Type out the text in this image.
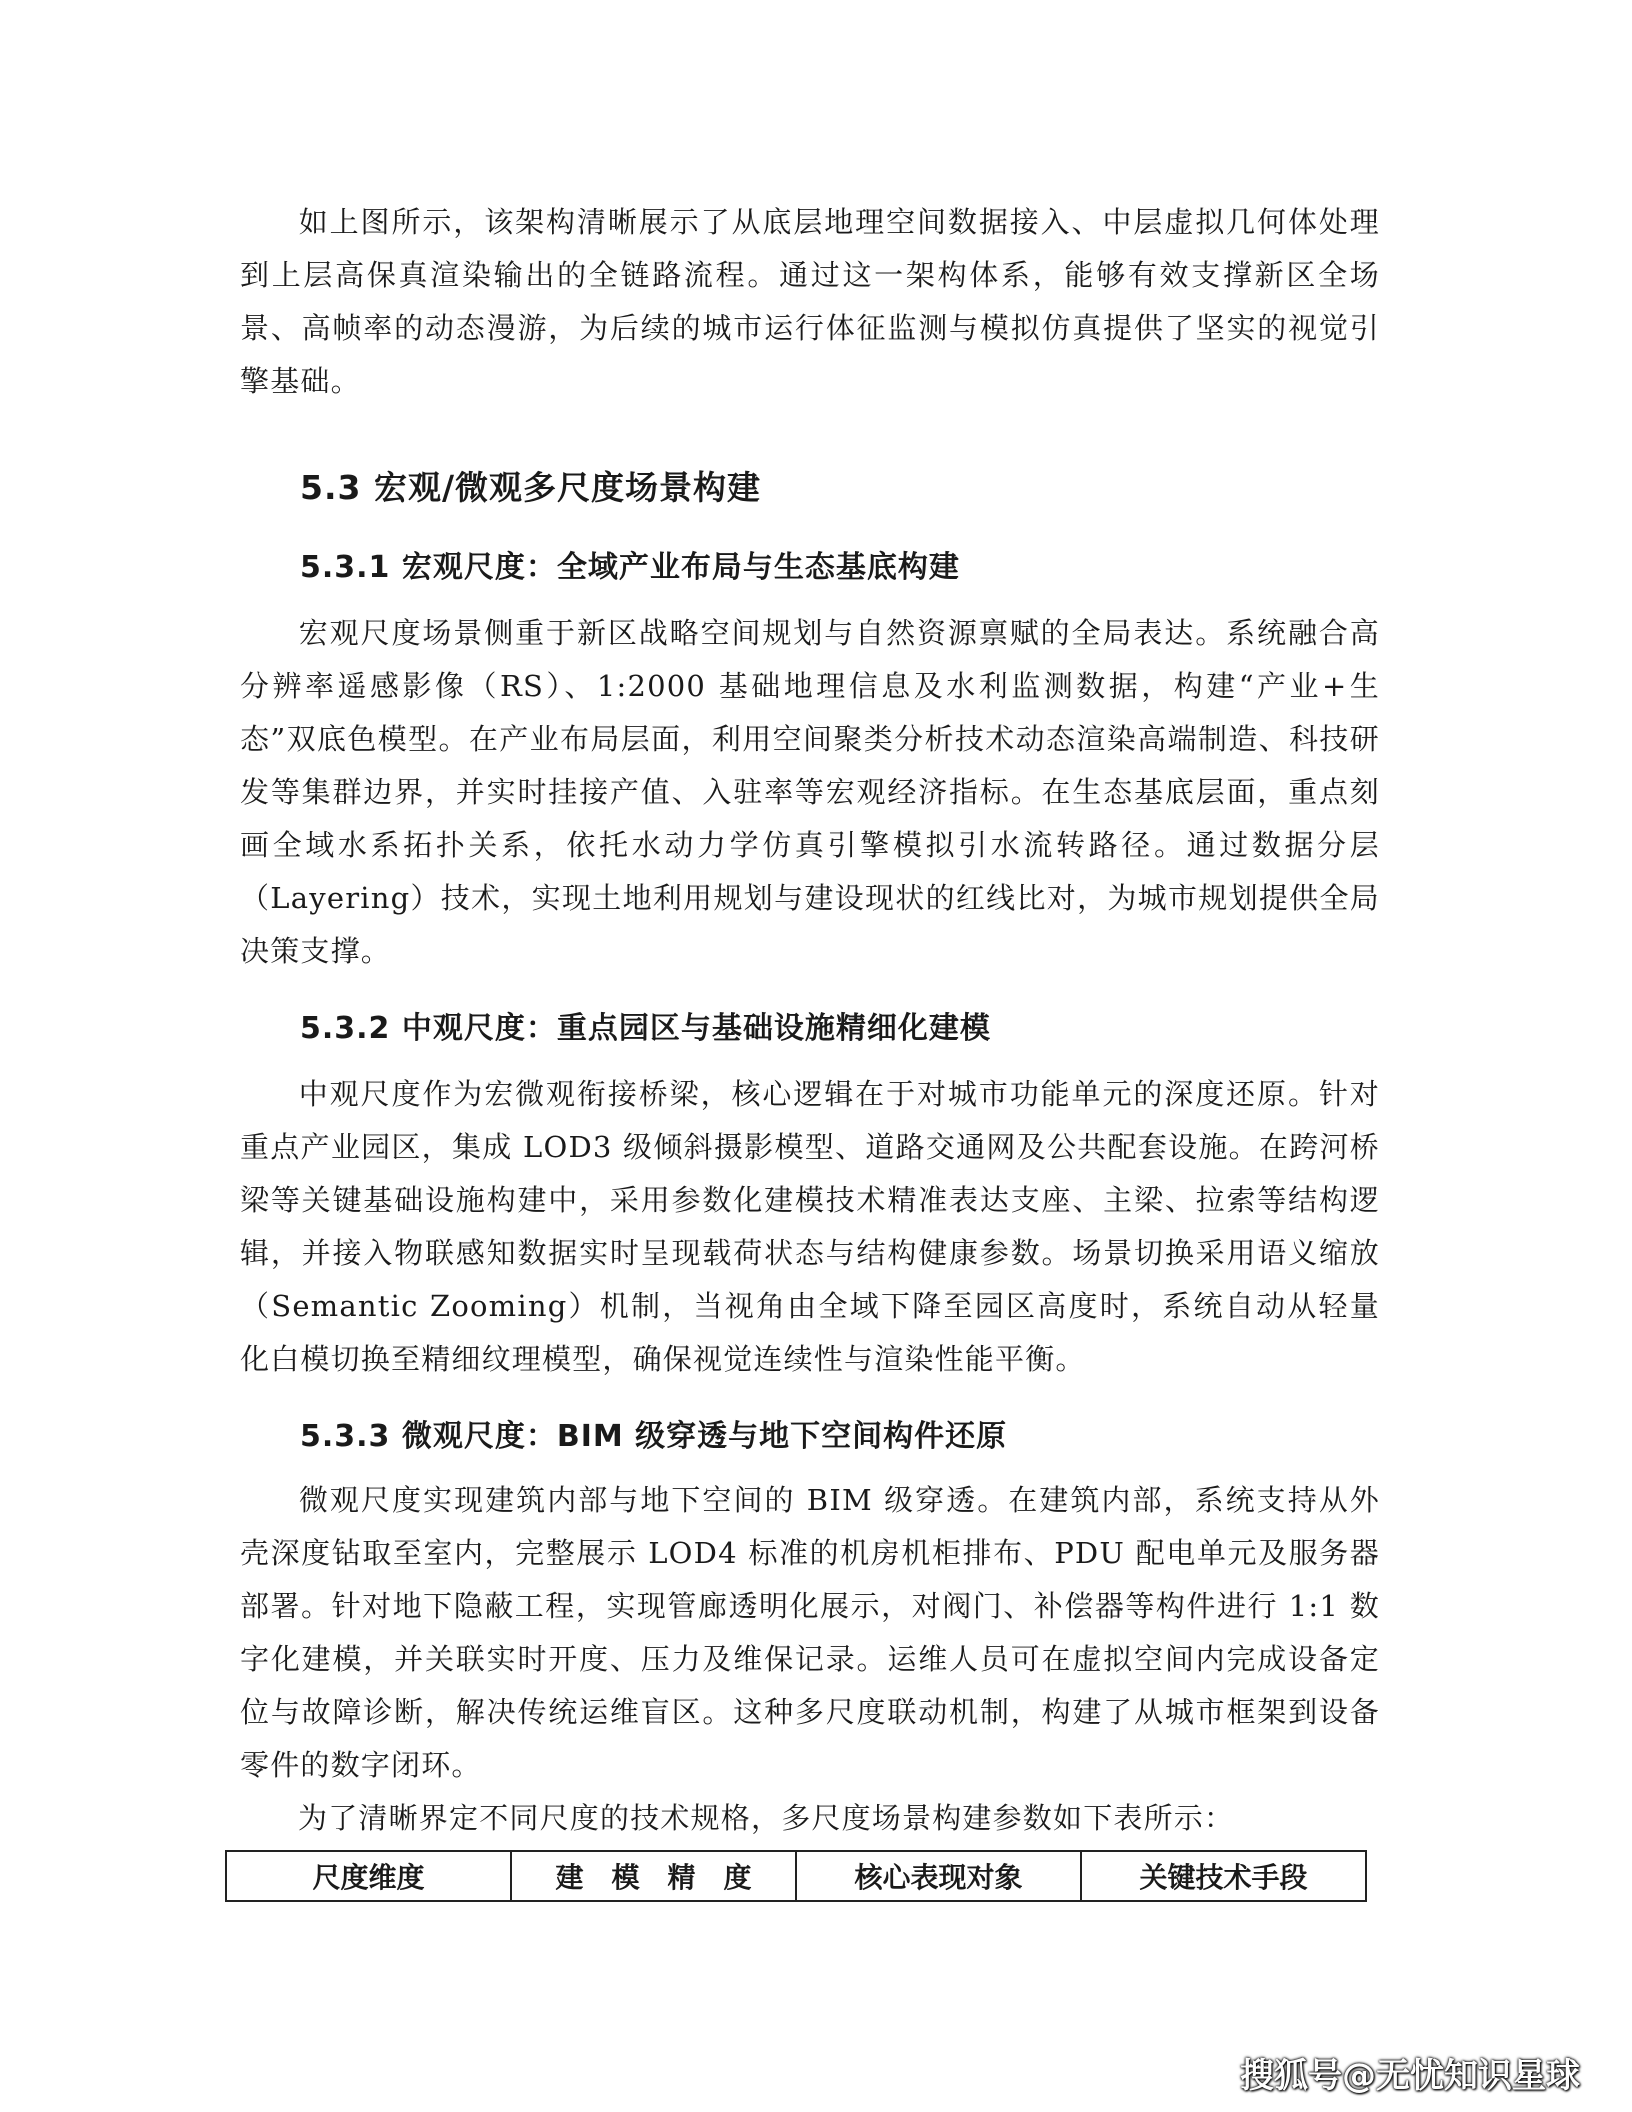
如上图所示，该架构清晰展示了从底层地理空间数据接入、中层虚拟几何体处理到上层高保真渲染输出的全链路流程。通过这一架构体系，能够有效支撑新区全场景、高帧率的动态漫游，为后续的城市运行体征监测与模拟仿真提供了坚实的视觉引擎基础。

5.3 宏观/微观多尺度场景构建
5.3.1 宏观尺度：全域产业布局与生态基底构建

宏观尺度场景侧重于新区战略空间规划与自然资源禀赋的全局表达。系统融合高分辨率遥感影像（RS）、1:2000 基础地理信息及水利监测数据，构建“产业+生态”双底色模型。在产业布局层面，利用空间聚类分析技术动态渲染高端制造、科技研发等集群边界，并实时挂接产值、入驻率等宏观经济指标。在生态基底层面，重点刻画全域水系拓扑关系，依托水动力学仿真引擎模拟引水流转路径。通过数据分层（Layering）技术，实现土地利用规划与建设现状的红线比对，为城市规划提供全局决策支撑。

5.3.2 中观尺度：重点园区与基础设施精细化建模

中观尺度作为宏微观衔接桥梁，核心逻辑在于对城市功能单元的深度还原。针对重点产业园区，集成 LOD3 级倾斜摄影模型、道路交通网及公共配套设施。在跨河桥梁等关键基础设施构建中，采用参数化建模技术精准表达支座、主梁、拉索等结构逻辑，并接入物联感知数据实时呈现载荷状态与结构健康参数。场景切换采用语义缩放（Semantic Zooming）机制，当视角由全域下降至园区高度时，系统自动从轻量化白模切换至精细纹理模型，确保视觉连续性与渲染性能平衡。

5.3.3 微观尺度：BIM 级穿透与地下空间构件还原

微观尺度实现建筑内部与地下空间的 BIM 级穿透。在建筑内部，系统支持从外壳深度钻取至室内，完整展示 LOD4 标准的机房机柜排布、PDU 配电单元及服务器部署。针对地下隐蔽工程，实现管廊透明化展示，对阀门、补偿器等构件进行 1:1 数字化建模，并关联实时开度、压力及维保记录。运维人员可在虚拟空间内完成设备定位与故障诊断，解决传统运维盲区。这种多尺度联动机制，构建了从城市框架到设备零件的数字闭环。

为了清晰界定不同尺度的技术规格，多尺度场景构建参数如下表所示：

尺度维度	建　模　精　度	核心表现对象	关键技术手段
搜狐号@无忧知识星球
